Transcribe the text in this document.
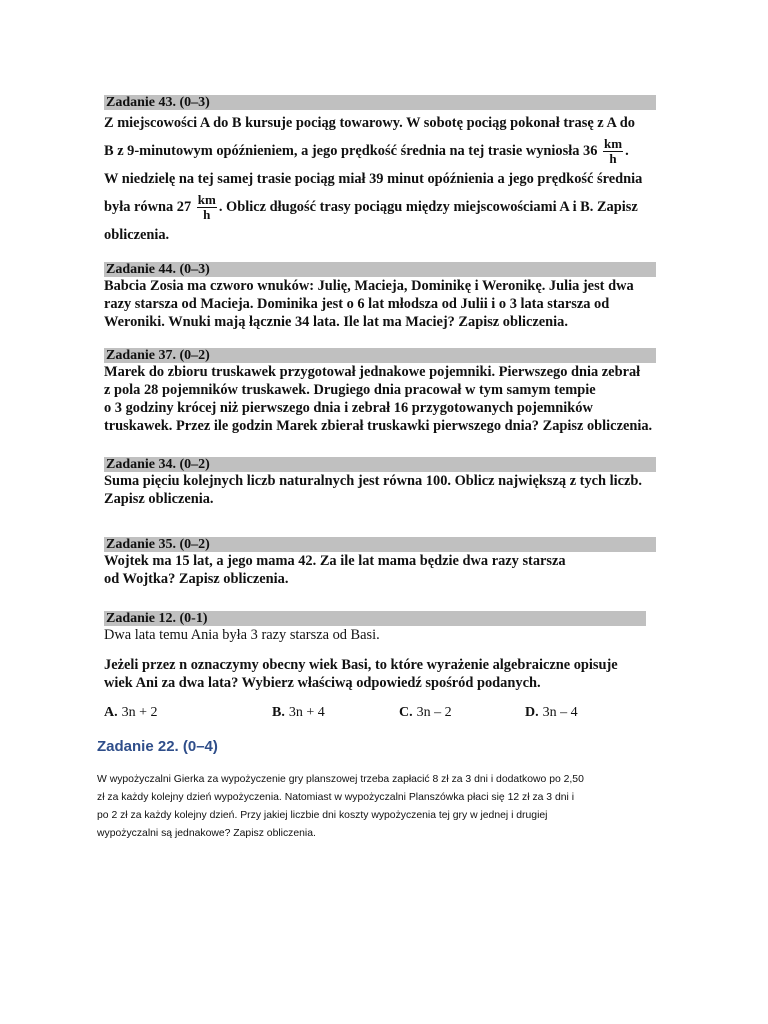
Zadanie 43. (0–3)

Z miejscowości A do B kursuje pociąg towarowy. W sobotę pociąg pokonał trasę z A do

B z 9-minutowym opóźnieniem, a jego prędkość średnia na tej trasie wyniosła $36 \frac{km}{h}$ .

W niedzielę na tej samej trasie pociąg miał 39 minut opóźnienia a jego prędkość średnia

była równa $27 \frac{km}{h}$ . Oblicz długość trasy pociągu między miejscowościami A i B. Zapisz

obliczenia.

Zadanie 44. (0–3)

Babcia Zosia ma czworo wnuków: Julię, Macieja, Dominikę i Weronikę. Julia jest dwa

razy starsza od Macieja. Dominika jest o 6 lat młodsza od Julii i o 3 lata starsza od

Weroniki. Wnuki mają łącznie 34 lata. Ile lat ma Maciej? Zapisz obliczenia.

Zadanie 37. (0–2)

Marek do zbioru truskawek przygotował jednakowe pojemniki. Pierwszego dnia zebrał

z pola 28 pojemników truskawek. Drugiego dnia pracował w tym samym tempie

o 3 godziny krócej niż pierwszego dnia i zebrał 16 przygotowanych pojemników

truskawek. Przez ile godzin Marek zbierał truskawki pierwszego dnia? Zapisz obliczenia.

Zadanie 34. (0–2)

Suma pięciu kolejnych liczb naturalnych jest równa 100. Oblicz największą z tych liczb.

Zapisz obliczenia.

Zadanie 35. (0–2)

Wojtek ma 15 lat, a jego mama 42. Za ile lat mama będzie dwa razy starsza

od Wojtka? Zapisz obliczenia.

Zadanie 12. (0-1)
Dwa lata temu Ania była 3 razy starsza od Basi.

Jeżeli przez n oznaczymy obecny wiek Basi, to które wyrażenie algebraiczne opisuje

wiek Ani za dwa lata? Wybierz właściwą odpowiedź spośród podanych.

A. 3n + 2	B. 3n + 4	C. 3n – 2	D. 3n – 4
Zadanie 22. (0–4)

W wypożyczalni Gierka za wypożyczenie gry planszowej trzeba zapłacić 8 zł za 3 dni i dodatkowo po 2,50

zł za każdy kolejny dzień wypożyczenia. Natomiast w wypożyczalni Planszówka płaci się 12 zł za 3 dni i

po 2 zł za każdy kolejny dzień. Przy jakiej liczbie dni koszty wypożyczenia tej gry w jednej i drugiej

wypożyczalni są jednakowe? Zapisz obliczenia.
